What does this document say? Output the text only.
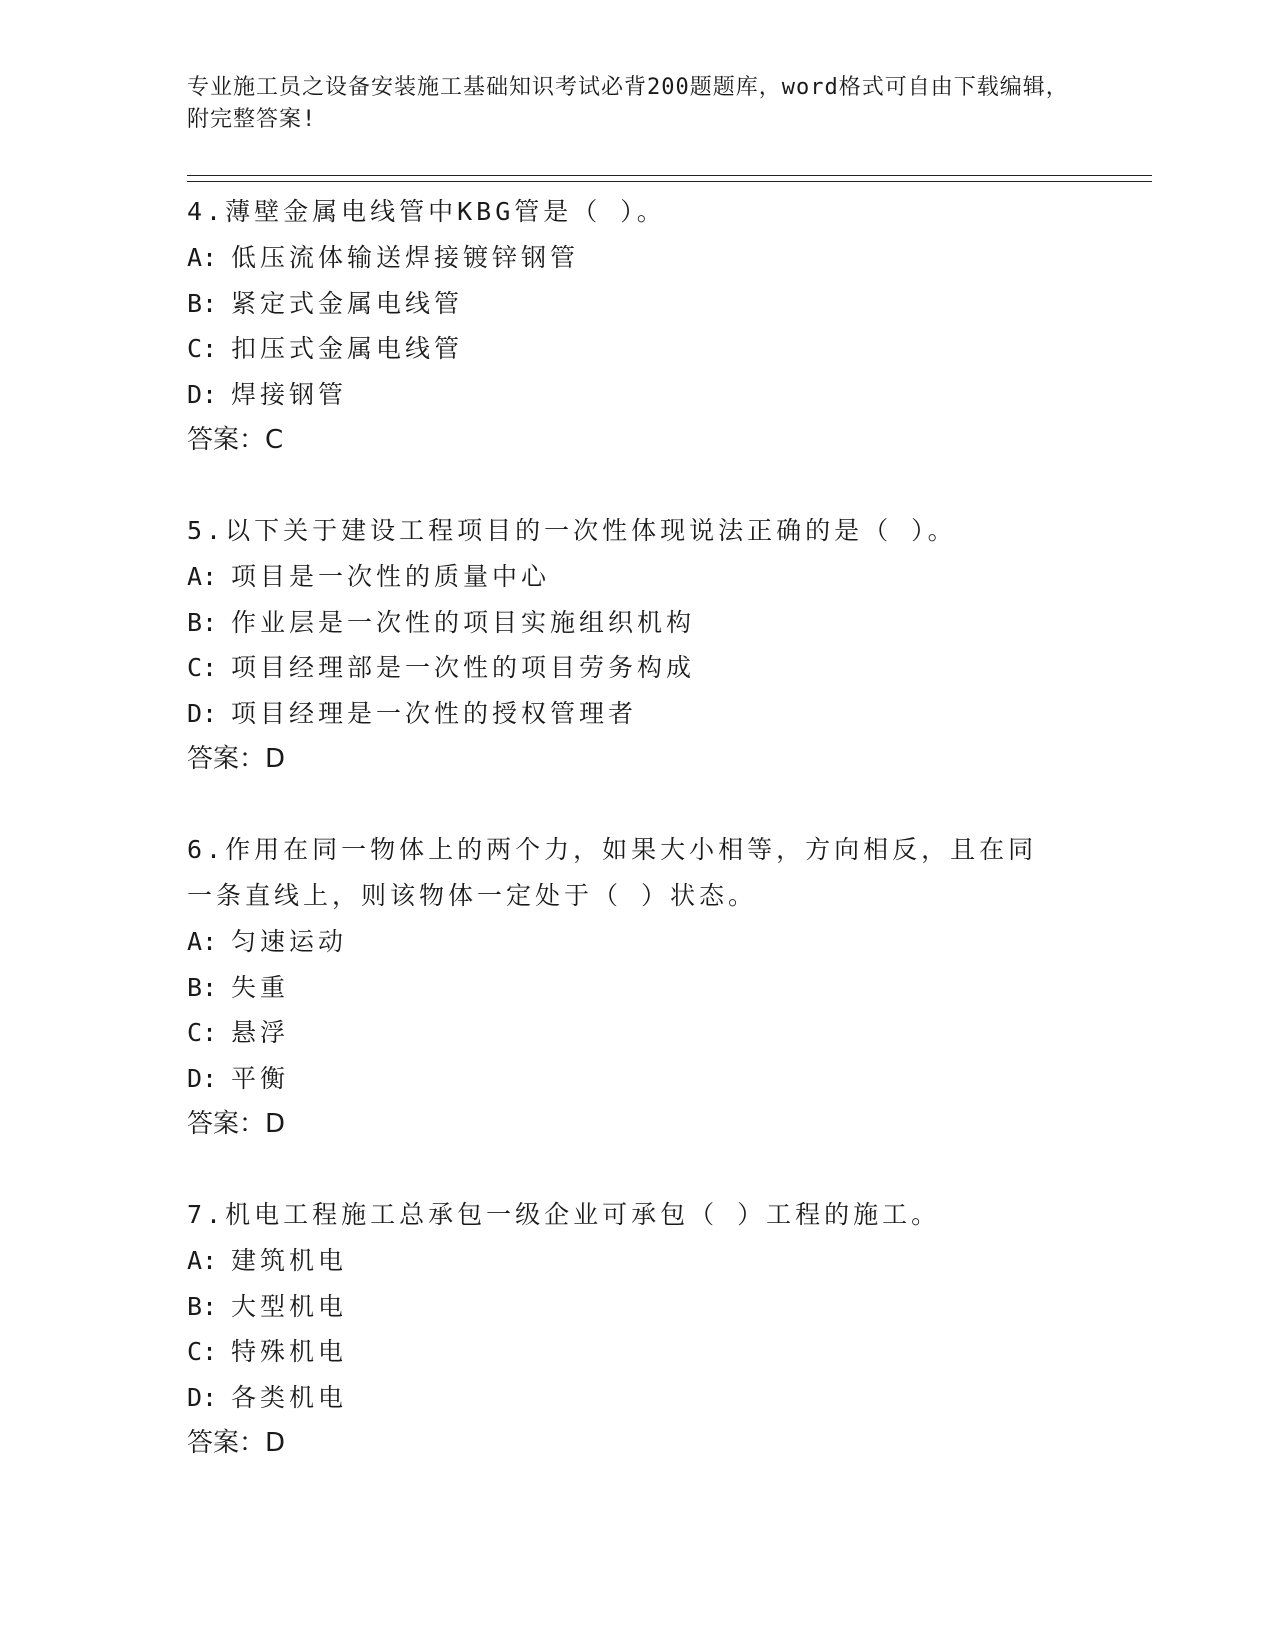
专业施工员之设备安装施工基础知识考试必背200题题库，word格式可自由下载编辑，附完整答案!

4.薄壁金属电线管中KBG管是（ ）。

A: 低压流体输送焊接镀锌钢管

B: 紧定式金属电线管

C: 扣压式金属电线管

D: 焊接钢管

答案：C

5.以下关于建设工程项目的一次性体现说法正确的是（ ）。

A: 项目是一次性的质量中心

B: 作业层是一次性的项目实施组织机构

C: 项目经理部是一次性的项目劳务构成

D: 项目经理是一次性的授权管理者

答案：D

6.作用在同一物体上的两个力，如果大小相等，方向相反，且在同一条直线上，则该物体一定处于（ ）状态。

A: 匀速运动

B: 失重

C: 悬浮

D: 平衡

答案：D

7.机电工程施工总承包一级企业可承包（ ）工程的施工。

A: 建筑机电

B: 大型机电

C: 特殊机电

D: 各类机电

答案：D
